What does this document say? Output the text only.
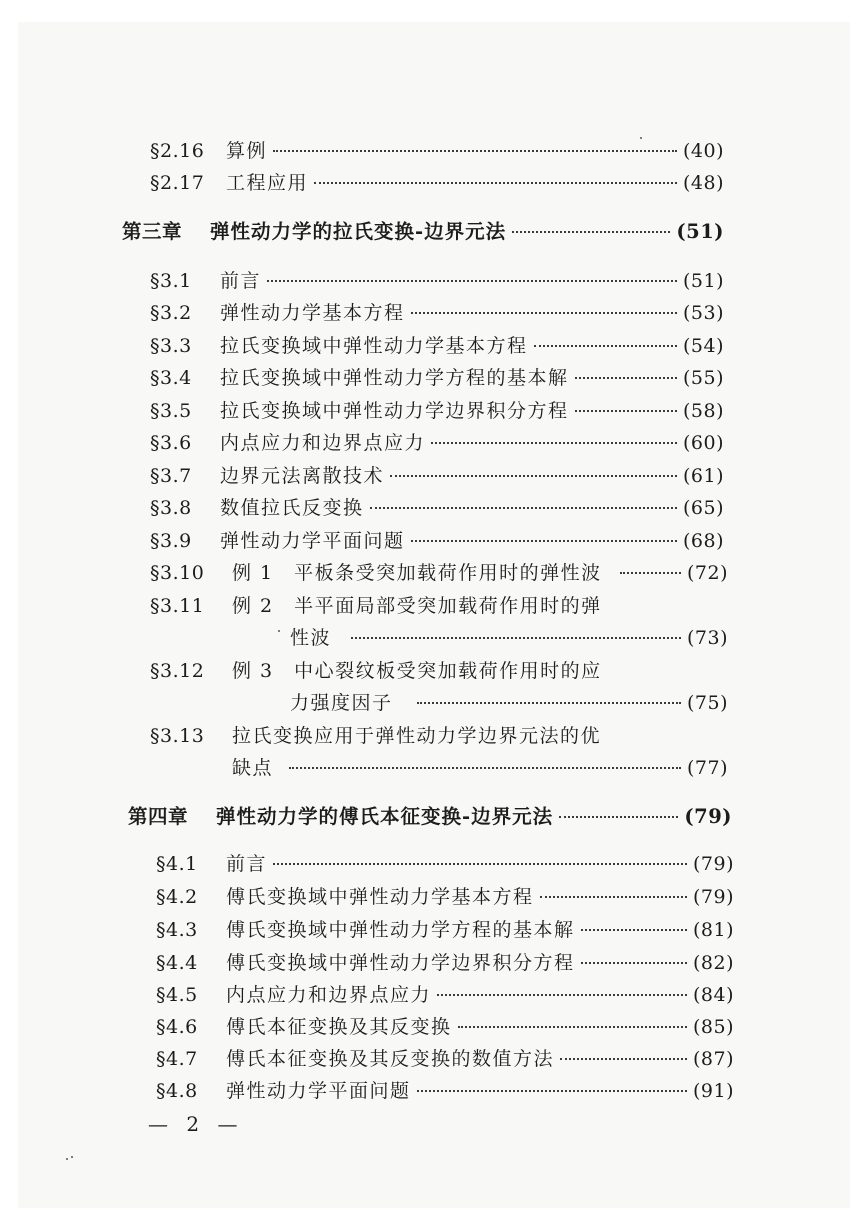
§2.16	算例	(40)
§2.17	工程应用	(48)
第三章	弹性动力学的拉氏变换-边界元法	(51)
§3.1	前言	(51)
§3.2	弹性动力学基本方程	(53)
§3.3	拉氏变换域中弹性动力学基本方程	(54)
§3.4	拉氏变换域中弹性动力学方程的基本解	(55)
§3.5	拉氏变换域中弹性动力学边界积分方程	(58)
§3.6	内点应力和边界点应力	(60)
§3.7	边界元法离散技术	(61)
§3.8	数值拉氏反变换	(65)
§3.9	弹性动力学平面问题	(68)
§3.10	例 1　平板条受突加载荷作用时的弹性波	(72)
§3.11	例 2　半平面局部受突加载荷作用时的弹
性波	(73)
§3.12	例 3　中心裂纹板受突加载荷作用时的应
力强度因子	(75)
§3.13	拉氏变换应用于弹性动力学边界元法的优
缺点	(77)
第四章	弹性动力学的傅氏本征变换-边界元法	(79)
§4.1	前言	(79)
§4.2	傅氏变换域中弹性动力学基本方程	(79)
§4.3	傅氏变换域中弹性动力学方程的基本解	(81)
§4.4	傅氏变换域中弹性动力学边界积分方程	(82)
§4.5	内点应力和边界点应力	(84)
§4.6	傅氏本征变换及其反变换	(85)
§4.7	傅氏本征变换及其反变换的数值方法	(87)
§4.8	弹性动力学平面问题	(91)
— 2 —
